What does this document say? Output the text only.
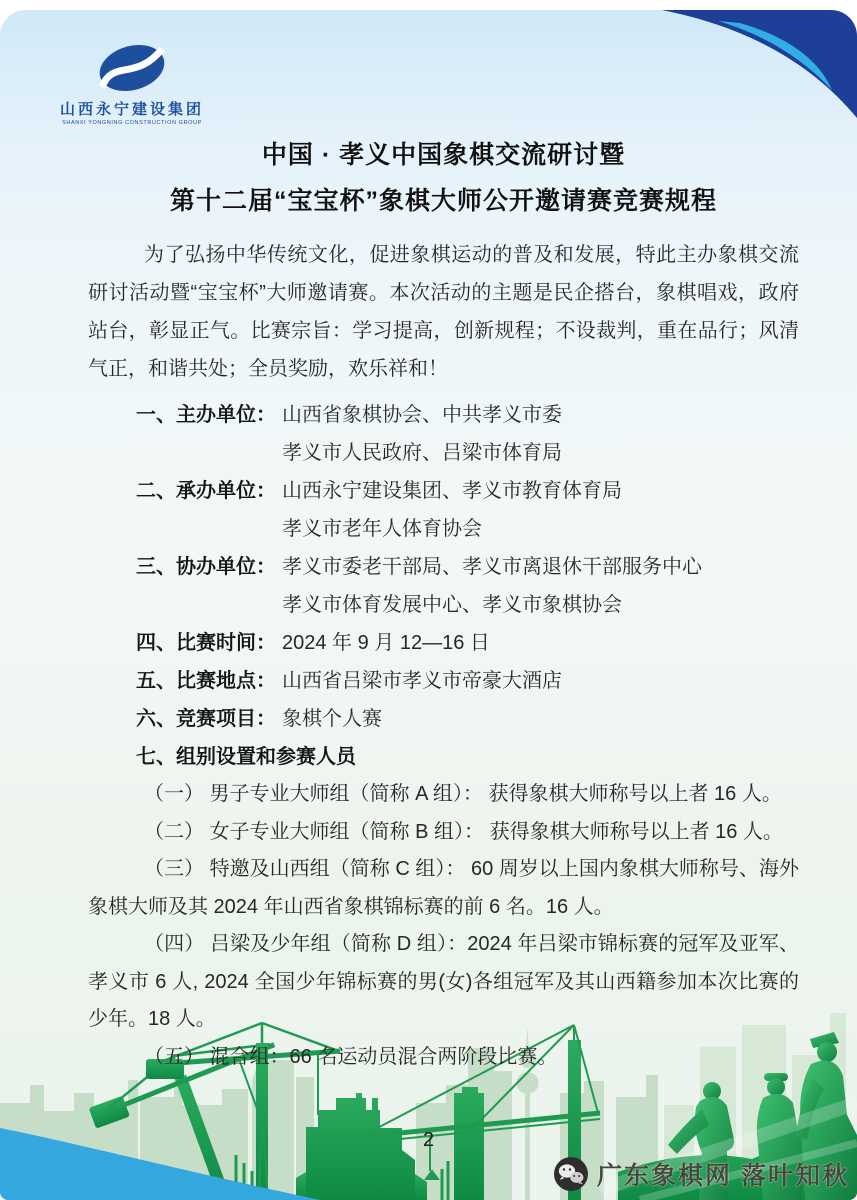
山西永宁建设集团
SHANXI YONGNING CONSTRUCTION GROUP
中国 · 孝义中国象棋交流研讨暨
第十二届“宝宝杯”象棋大师公开邀请赛竞赛规程

为了弘扬中华传统文化，促进象棋运动的普及和发展，特此主办象棋交流研讨活动暨“宝宝杯”大师邀请赛。本次活动的主题是民企搭台，象棋唱戏，政府站台，彰显正气。比赛宗旨：学习提高，创新规程；不设裁判，重在品行；风清气正，和谐共处；全员奖励，欢乐祥和！

一、主办单位： 山西省象棋协会、中共孝义市委
孝义市人民政府、吕梁市体育局
二、承办单位： 山西永宁建设集团、孝义市教育体育局
孝义市老年人体育协会
三、协办单位： 孝义市委老干部局、孝义市离退休干部服务中心
孝义市体育发展中心、孝义市象棋协会
四、比赛时间： 2024 年 9 月 12—16 日
五、比赛地点： 山西省吕梁市孝义市帝豪大酒店
六、竞赛项目： 象棋个人赛
七、组别设置和参赛人员

（一） 男子专业大师组（简称 A 组）： 获得象棋大师称号以上者 16 人。

（二） 女子专业大师组（简称 B 组）： 获得象棋大师称号以上者 16 人。

（三） 特邀及山西组（简称 C 组）： 60 周岁以上国内象棋大师称号、海外象棋大师及其 2024 年山西省象棋锦标赛的前 6 名。16 人。

（四） 吕梁及少年组（简称 D 组）：2024 年吕梁市锦标赛的冠军及亚军、孝义市 6 人, 2024 全国少年锦标赛的男(女)各组冠军及其山西籍参加本次比赛的少年。18 人。

（五） 混合组：66 名运动员混合两阶段比赛。

2
广东象棋网 落叶知秋
